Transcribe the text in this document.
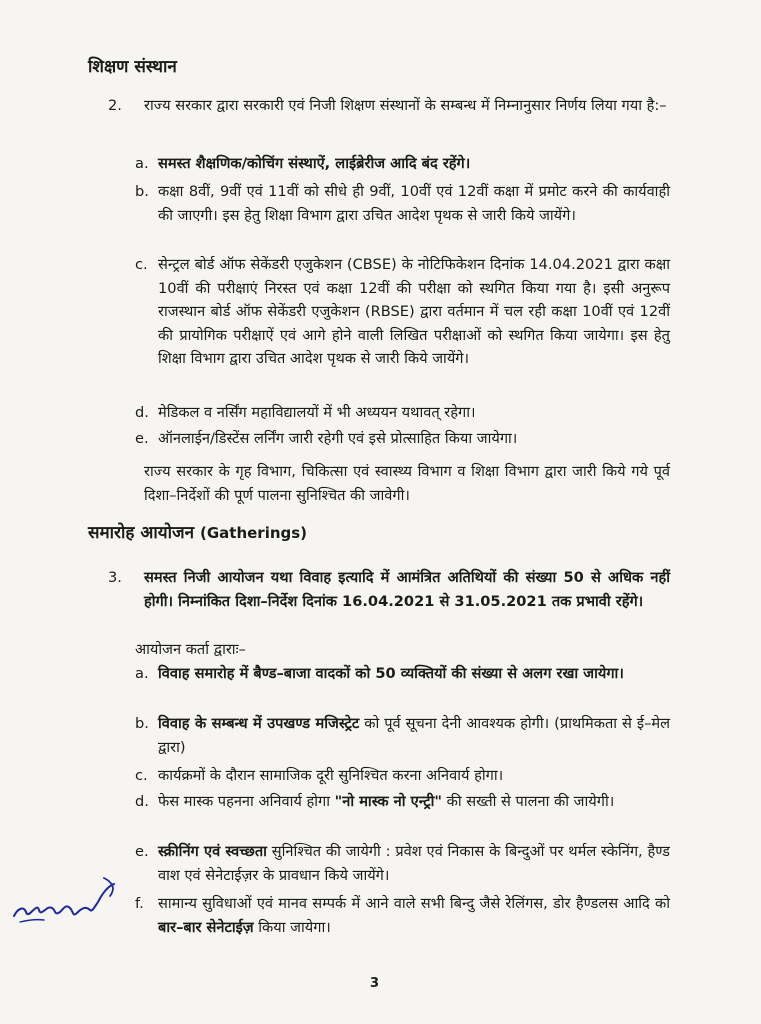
शिक्षण संस्थान
2. राज्य सरकार द्वारा सरकारी एवं निजी शिक्षण संस्थानों के सम्बन्ध में निम्नानुसार निर्णय लिया गया है:–

a. समस्त शैक्षणिक/कोचिंग संस्थाऐं, लाईब्रेरीज आदि बंद रहेंगे।
b. कक्षा 8वीं, 9वीं एवं 11वीं को सीधे ही 9वीं, 10वीं एवं 12वीं कक्षा में प्रमोट करने की कार्यवाही की जाएगी। इस हेतु शिक्षा विभाग द्वारा उचित आदेश पृथक से जारी किये जायेंगे।
c. सेन्ट्रल बोर्ड ऑफ सेकेंडरी एजुकेशन (CBSE) के नोटिफिकेशन दिनांक 14.04.2021 द्वारा कक्षा 10वीं की परीक्षाएं निरस्त एवं कक्षा 12वीं की परीक्षा को स्थगित किया गया है। इसी अनुरूप राजस्थान बोर्ड ऑफ सेकेंडरी एजुकेशन (RBSE) द्वारा वर्तमान में चल रही कक्षा 10वीं एवं 12वीं की प्रायोगिक परीक्षाऐं एवं आगे होने वाली लिखित परीक्षाओं को स्थगित किया जायेगा। इस हेतु शिक्षा विभाग द्वारा उचित आदेश पृथक से जारी किये जायेंगे।
d. मेडिकल व नर्सिंग महाविद्यालयों में भी अध्ययन यथावत् रहेगा।
e. ऑनलाईन/डिस्टेंस लर्निंग जारी रहेगी एवं इसे प्रोत्साहित किया जायेगा।

राज्य सरकार के गृह विभाग, चिकित्सा एवं स्वास्थ्य विभाग व शिक्षा विभाग द्वारा जारी किये गये पूर्व दिशा–निर्देशों की पूर्ण पालना सुनिश्चित की जावेगी।

समारोह आयोजन (Gatherings)
3. समस्त निजी आयोजन यथा विवाह इत्यादि में आमंत्रित अतिथियों की संख्या 50 से अधिक नहीं होगी। निम्नांकित दिशा–निर्देश दिनांक 16.04.2021 से 31.05.2021 तक प्रभावी रहेंगे।

आयोजन कर्ता द्वाराः–

a. विवाह समारोह में बैण्ड–बाजा वादकों को 50 व्यक्तियों की संख्या से अलग रखा जायेगा।
b. विवाह के सम्बन्ध में उपखण्ड मजिस्ट्रेट को पूर्व सूचना देनी आवश्यक होगी। (प्राथमिकता से ई–मेल द्वारा)
c. कार्यक्रमों के दौरान सामाजिक दूरी सुनिश्चित करना अनिवार्य होगा।
d. फेस मास्क पहनना अनिवार्य होगा "नो मास्क नो एन्ट्री" की सख्ती से पालना की जायेगी।
e. स्क्रीनिंग एवं स्वच्छता सुनिश्चित की जायेगी : प्रवेश एवं निकास के बिन्दुओं पर थर्मल स्केनिंग, हैण्ड वाश एवं सेनेटाईज़र के प्रावधान किये जायेंगे।
f. सामान्य सुविधाओं एवं मानव सम्पर्क में आने वाले सभी बिन्दु जैसे रेलिंगस, डोर हैण्डलस आदि को बार–बार सेनेटाईज़ किया जायेगा।
3
